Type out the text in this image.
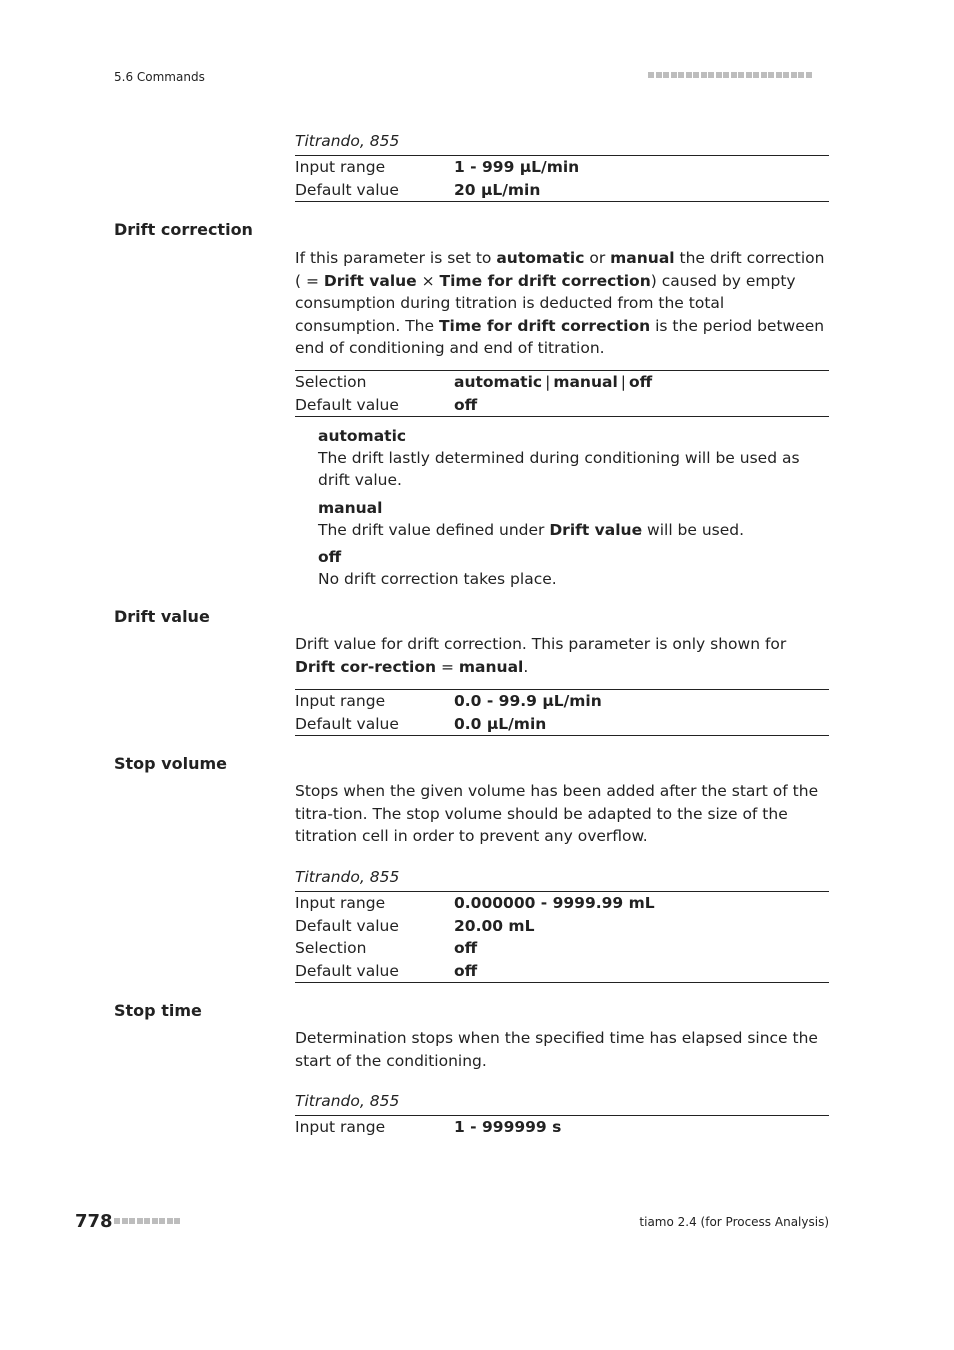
5.6 Commands
Titrando, 855
Input range	1 - 999 µL/min
Default value	20 µL/min
Drift correction
If this parameter is set to automatic or manual the drift correction ( = Drift value × Time for drift correction) caused by empty consumption during titration is deducted from the total consumption. The Time for drift correction is the period between end of conditioning and end of titration.
Selection	automatic | manual | off
Default value	off
automatic
The drift lastly determined during conditioning will be used as drift value.
manual
The drift value defined under Drift value will be used.
off
No drift correction takes place.
Drift value
Drift value for drift correction. This parameter is only shown for Drift cor-rection = manual.
Input range	0.0 - 99.9 µL/min
Default value	0.0 µL/min
Stop volume
Stops when the given volume has been added after the start of the titra-tion. The stop volume should be adapted to the size of the titration cell in order to prevent any overflow.
Titrando, 855
Input range	0.000000 - 9999.99 mL
Default value	20.00 mL
Selection	off
Default value	off
Stop time
Determination stops when the specified time has elapsed since the start of the conditioning.
Titrando, 855
Input range	1 - 999999 s
778	tiamo 2.4 (for Process Analysis)
